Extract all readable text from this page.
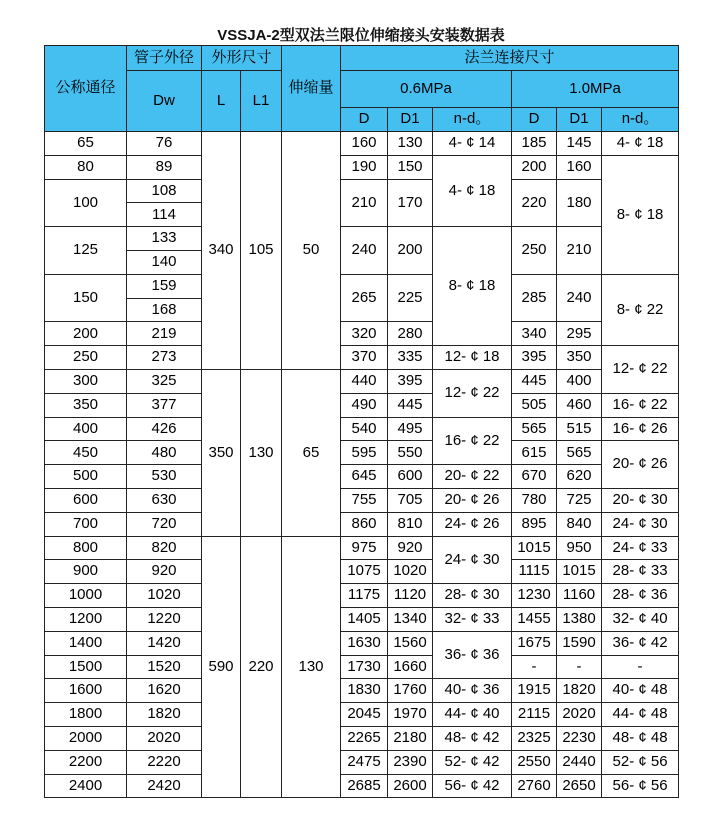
VSSJA-2型双法兰限位伸缩接头安装数据表
公称通径	管子外径	外形尺寸		伸缩量	法兰连接尺寸					
	Dw	L	L1		0.6MPa			1.0MPa		
					D	D1	n-d。	D	D1	n-d。
65	76	340	105	50	160	130	4- ¢ 14	185	145	4- ¢ 18
80	89				190	150	4- ¢ 18	200	160	8- ¢ 18
100	108				210	170		220	180	
	114									
125	133				240	200	8- ¢ 18	250	210	
	140									
150	159				265	225		285	240	8- ¢ 22
	168									
200	219				320	280		340	295	
250	273				370	335	12- ¢ 18	395	350	12- ¢ 22
300	325	350	130	65	440	395	12- ¢ 22	445	400	
350	377				490	445		505	460	16- ¢ 22
400	426				540	495	16- ¢ 22	565	515	16- ¢ 26
450	480				595	550		615	565	20- ¢ 26
500	530				645	600	20- ¢ 22	670	620	
600	630				755	705	20- ¢ 26	780	725	20- ¢ 30
700	720				860	810	24- ¢ 26	895	840	24- ¢ 30
800	820	590	220	130	975	920	24- ¢ 30	1015	950	24- ¢ 33
900	920				1075	1020		1115	1015	28- ¢ 33
1000	1020				1175	1120	28- ¢ 30	1230	1160	28- ¢ 36
1200	1220				1405	1340	32- ¢ 33	1455	1380	32- ¢ 40
1400	1420				1630	1560	36- ¢ 36	1675	1590	36- ¢ 42
1500	1520				1730	1660		-	-	-
1600	1620				1830	1760	40- ¢ 36	1915	1820	40- ¢ 48
1800	1820				2045	1970	44- ¢ 40	2115	2020	44- ¢ 48
2000	2020				2265	2180	48- ¢ 42	2325	2230	48- ¢ 48
2200	2220				2475	2390	52- ¢ 42	2550	2440	52- ¢ 56
2400	2420				2685	2600	56- ¢ 42	2760	2650	56- ¢ 56
